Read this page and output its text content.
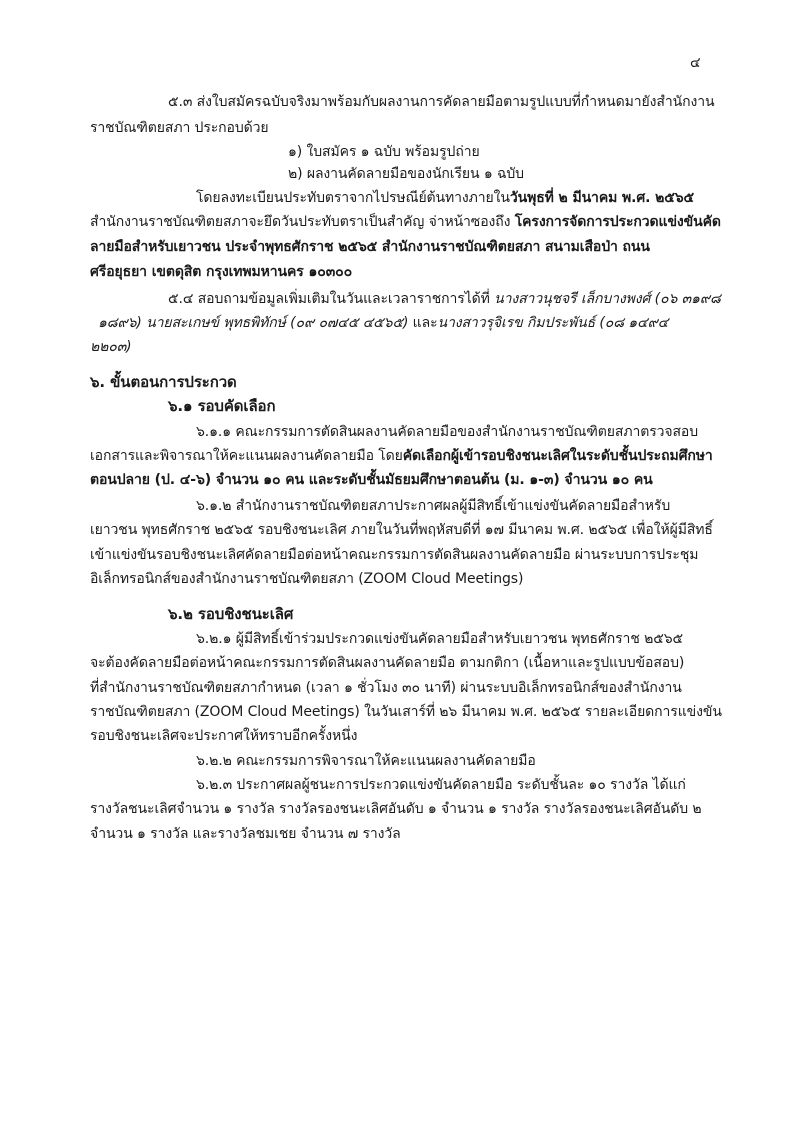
๔
๕.๓ ส่งใบสมัครฉบับจริงมาพร้อมกับผลงานการคัดลายมือตามรูปแบบที่กำหนดมายังสำนักงาน
ราชบัณฑิตยสภา ประกอบด้วย
๑) ใบสมัคร ๑ ฉบับ พร้อมรูปถ่าย
๒) ผลงานคัดลายมือของนักเรียน ๑ ฉบับ
โดยลงทะเบียนประทับตราจากไปรษณีย์ต้นทางภายในวันพุธที่ ๒ มีนาคม พ.ศ. ๒๕๖๕
สำนักงานราชบัณฑิตยสภาจะยึดวันประทับตราเป็นสำคัญ จ่าหน้าซองถึง โครงการจัดการประกวดแข่งขันคัด
ลายมือสำหรับเยาวชน ประจำพุทธศักราช ๒๕๖๕ สำนักงานราชบัณฑิตยสภา สนามเสือป่า ถนน
ศรีอยุธยา เขตดุสิต กรุงเทพมหานคร ๑๐๓๐๐
๕.๔ สอบถามข้อมูลเพิ่มเติมในวันและเวลาราชการได้ที่ นางสาวนุชจรี เล็กบางพงศ์ (๐๖ ๓๑๙๘
๑๘๙๖) นายสะเกษข์ พุทธพิทักษ์ (๐๙ ๐๗๔๕ ๔๕๖๕) และนางสาวรุจิเรข กิมประพันธ์ (๐๘ ๑๔๙๔
๒๒๐๓)
๖. ขั้นตอนการประกวด
๖.๑ รอบคัดเลือก
๖.๑.๑ คณะกรรมการตัดสินผลงานคัดลายมือของสำนักงานราชบัณฑิตยสภาตรวจสอบ
เอกสารและพิจารณาให้คะแนนผลงานคัดลายมือ โดยคัดเลือกผู้เข้ารอบชิงชนะเลิศในระดับชั้นประถมศึกษา
ตอนปลาย (ป. ๔-๖) จำนวน ๑๐ คน และระดับชั้นมัธยมศึกษาตอนต้น (ม. ๑-๓) จำนวน ๑๐ คน
๖.๑.๒ สำนักงานราชบัณฑิตยสภาประกาศผลผู้มีสิทธิ์เข้าแข่งขันคัดลายมือสำหรับ
เยาวชน พุทธศักราช ๒๕๖๕ รอบชิงชนะเลิศ ภายในวันที่พฤหัสบดีที่ ๑๗ มีนาคม พ.ศ. ๒๕๖๕ เพื่อให้ผู้มีสิทธิ์
เข้าแข่งขันรอบชิงชนะเลิศคัดลายมือต่อหน้าคณะกรรมการตัดสินผลงานคัดลายมือ ผ่านระบบการประชุม
อิเล็กทรอนิกส์ของสำนักงานราชบัณฑิตยสภา (ZOOM Cloud Meetings)
๖.๒ รอบชิงชนะเลิศ
๖.๒.๑ ผู้มีสิทธิ์เข้าร่วมประกวดแข่งขันคัดลายมือสำหรับเยาวชน พุทธศักราช ๒๕๖๕
จะต้องคัดลายมือต่อหน้าคณะกรรมการตัดสินผลงานคัดลายมือ ตามกติกา (เนื้อหาและรูปแบบข้อสอบ)
ที่สำนักงานราชบัณฑิตยสภากำหนด (เวลา ๑ ชั่วโมง ๓๐ นาที) ผ่านระบบอิเล็กทรอนิกส์ของสำนักงาน
ราชบัณฑิตยสภา (ZOOM Cloud Meetings) ในวันเสาร์ที่ ๒๖ มีนาคม พ.ศ. ๒๕๖๕ รายละเอียดการแข่งขัน
รอบชิงชนะเลิศจะประกาศให้ทราบอีกครั้งหนึ่ง
๖.๒.๒ คณะกรรมการพิจารณาให้คะแนนผลงานคัดลายมือ
๖.๒.๓ ประกาศผลผู้ชนะการประกวดแข่งขันคัดลายมือ ระดับชั้นละ ๑๐ รางวัล ได้แก่
รางวัลชนะเลิศจำนวน ๑ รางวัล รางวัลรองชนะเลิศอันดับ ๑ จำนวน ๑ รางวัล รางวัลรองชนะเลิศอันดับ ๒
จำนวน ๑ รางวัล และรางวัลชมเชย จำนวน ๗ รางวัล
